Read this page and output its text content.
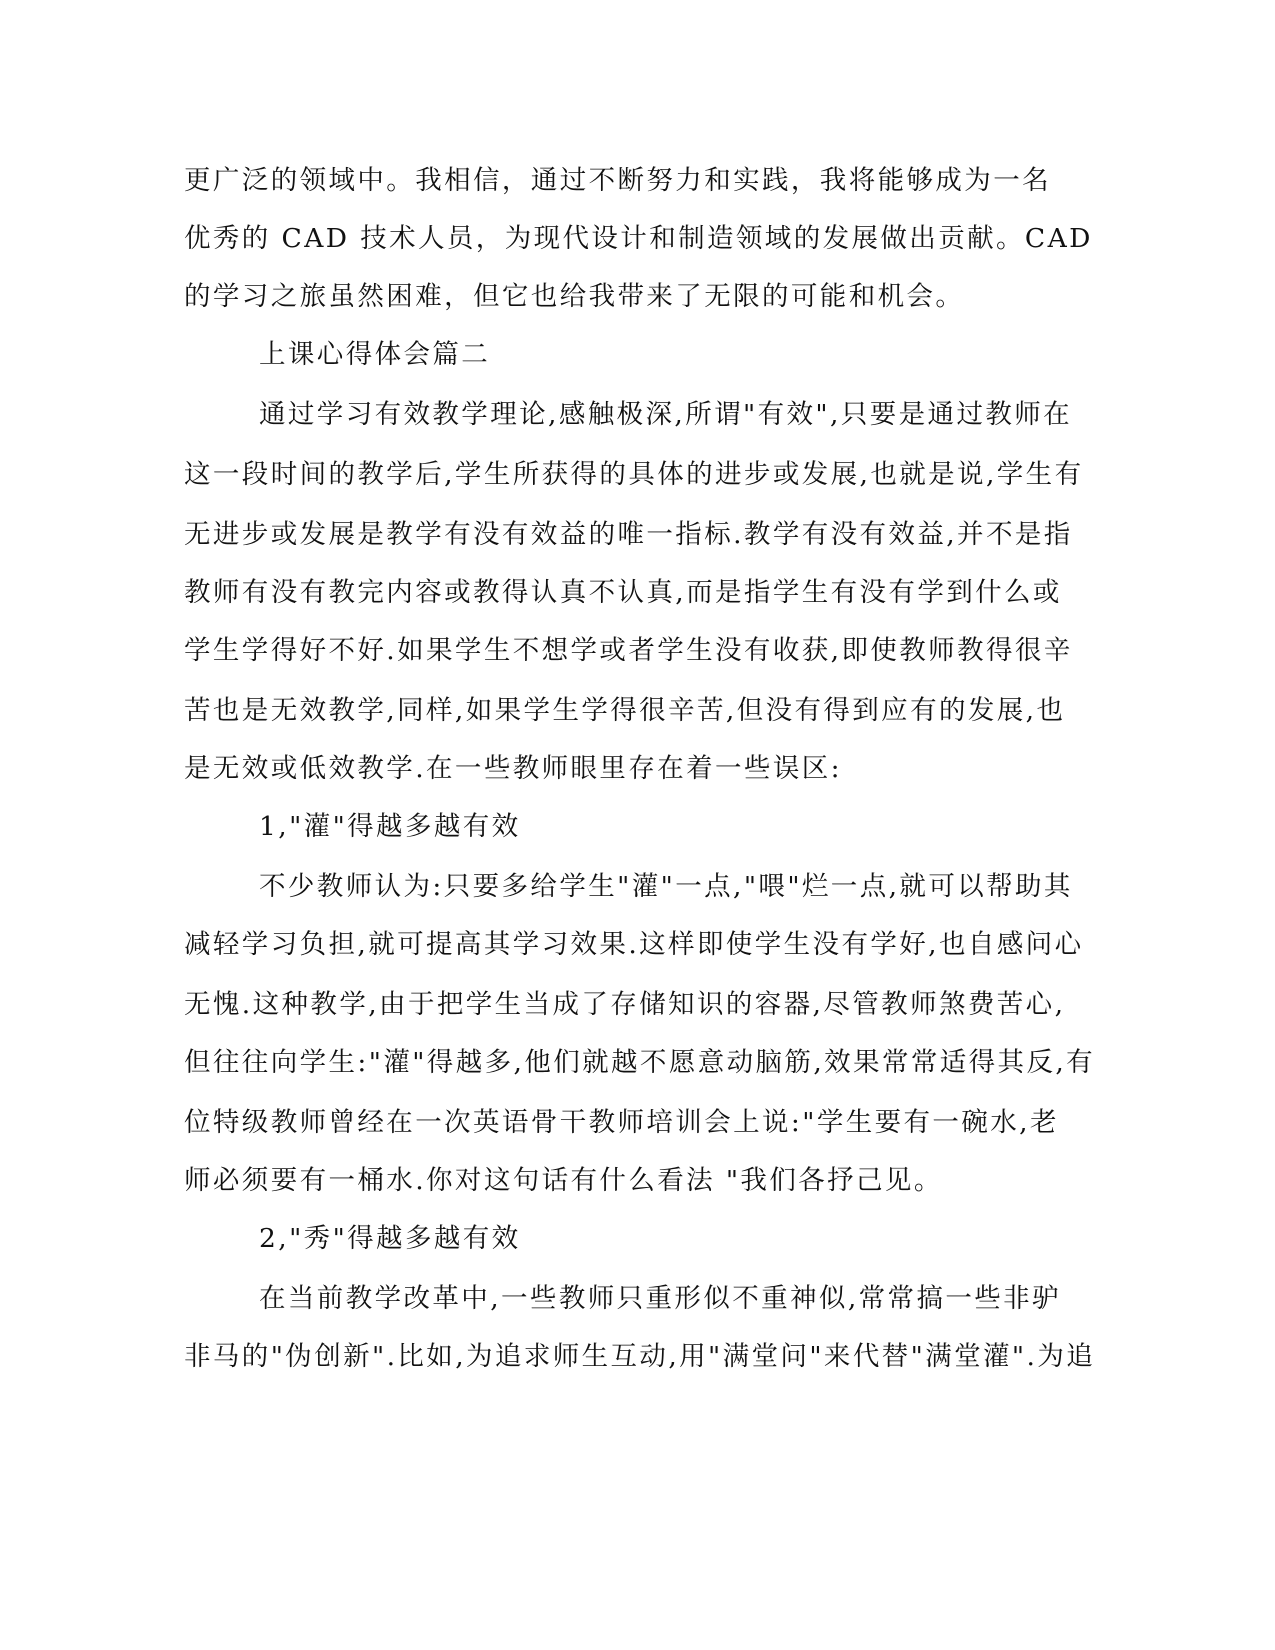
更广泛的领域中。我相信，通过不断努力和实践，我将能够成为一名
优秀的 CAD 技术人员，为现代设计和制造领域的发展做出贡献。CAD
的学习之旅虽然困难，但它也给我带来了无限的可能和机会。
上课心得体会篇二
通过学习有效教学理论,感触极深,所谓"有效",只要是通过教师在
这一段时间的教学后,学生所获得的具体的进步或发展,也就是说,学生有
无进步或发展是教学有没有效益的唯一指标.教学有没有效益,并不是指
教师有没有教完内容或教得认真不认真,而是指学生有没有学到什么或
学生学得好不好.如果学生不想学或者学生没有收获,即使教师教得很辛
苦也是无效教学,同样,如果学生学得很辛苦,但没有得到应有的发展,也
是无效或低效教学.在一些教师眼里存在着一些误区:
1,"灌"得越多越有效
不少教师认为:只要多给学生"灌"一点,"喂"烂一点,就可以帮助其
减轻学习负担,就可提高其学习效果.这样即使学生没有学好,也自感问心
无愧.这种教学,由于把学生当成了存储知识的容器,尽管教师煞费苦心,
但往往向学生:"灌"得越多,他们就越不愿意动脑筋,效果常常适得其反,有
位特级教师曾经在一次英语骨干教师培训会上说:"学生要有一碗水,老
师必须要有一桶水.你对这句话有什么看法 "我们各抒己见。
2,"秀"得越多越有效
在当前教学改革中,一些教师只重形似不重神似,常常搞一些非驴
非马的"伪创新".比如,为追求师生互动,用"满堂问"来代替"满堂灌".为追
